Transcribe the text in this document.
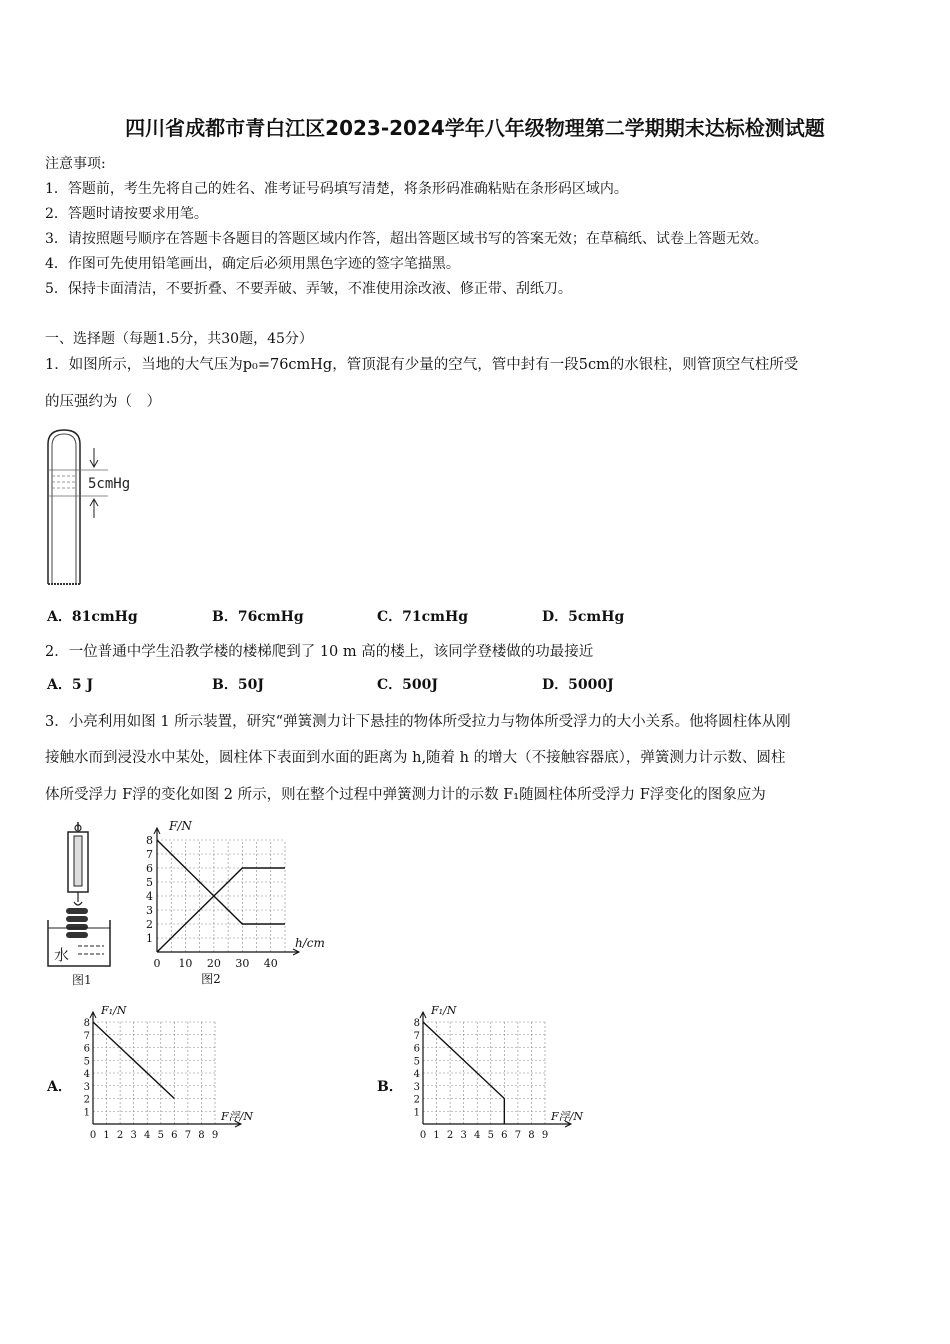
四川省成都市青白江区2023-2024学年八年级物理第二学期期末达标检测试题
注意事项:
1．答题前，考生先将自己的姓名、准考证号码填写清楚，将条形码准确粘贴在条形码区域内。
2．答题时请按要求用笔。
3．请按照题号顺序在答题卡各题目的答题区域内作答，超出答题区域书写的答案无效；在草稿纸、试卷上答题无效。
4．作图可先使用铅笔画出，确定后必须用黑色字迹的签字笔描黑。
5．保持卡面清洁，不要折叠、不要弄破、弄皱，不准使用涂改液、修正带、刮纸刀。
一、选择题（每题1.5分，共30题，45分）
1．如图所示，当地的大气压为p₀=76cmHg，管顶混有少量的空气，管中封有一段5cm的水银柱，则管顶空气柱所受
的压强约为（　）
5cmHg
A．81cmHg	B．76cmHg	C．71cmHg	D．5cmHg
2．一位普通中学生沿教学楼的楼梯爬到了 10 m 高的楼上，该同学登楼做的功最接近
A．5 J	B．50J	C．500J	D．5000J
3．小亮利用如图 1 所示装置，研究“弹簧测力计下悬挂的物体所受拉力与物体所受浮力的大小关系。他将圆柱体从刚
接触水而到浸没水中某处，圆柱体下表面到水面的距离为 h,随着 h 的增大（不接触容器底），弹簧测力计示数、圆柱
体所受浮力 F浮的变化如图 2 所示，则在整个过程中弹簧测力计的示数 F₁随圆柱体所受浮力 F浮变化的图象应为
水
图1
1
2
3
4
5
6
7
8
0 10 20 30 40
F/N
h/cm
图2
A．
1
2
3
4
5
6
7
8
0 1 2 3 4 5 6 7 8 9
F₁/N
F浮/N
B．
1
2
3
4
5
6
7
8
0 1 2 3 4 5 6 7 8 9
F₁/N
F浮/N
